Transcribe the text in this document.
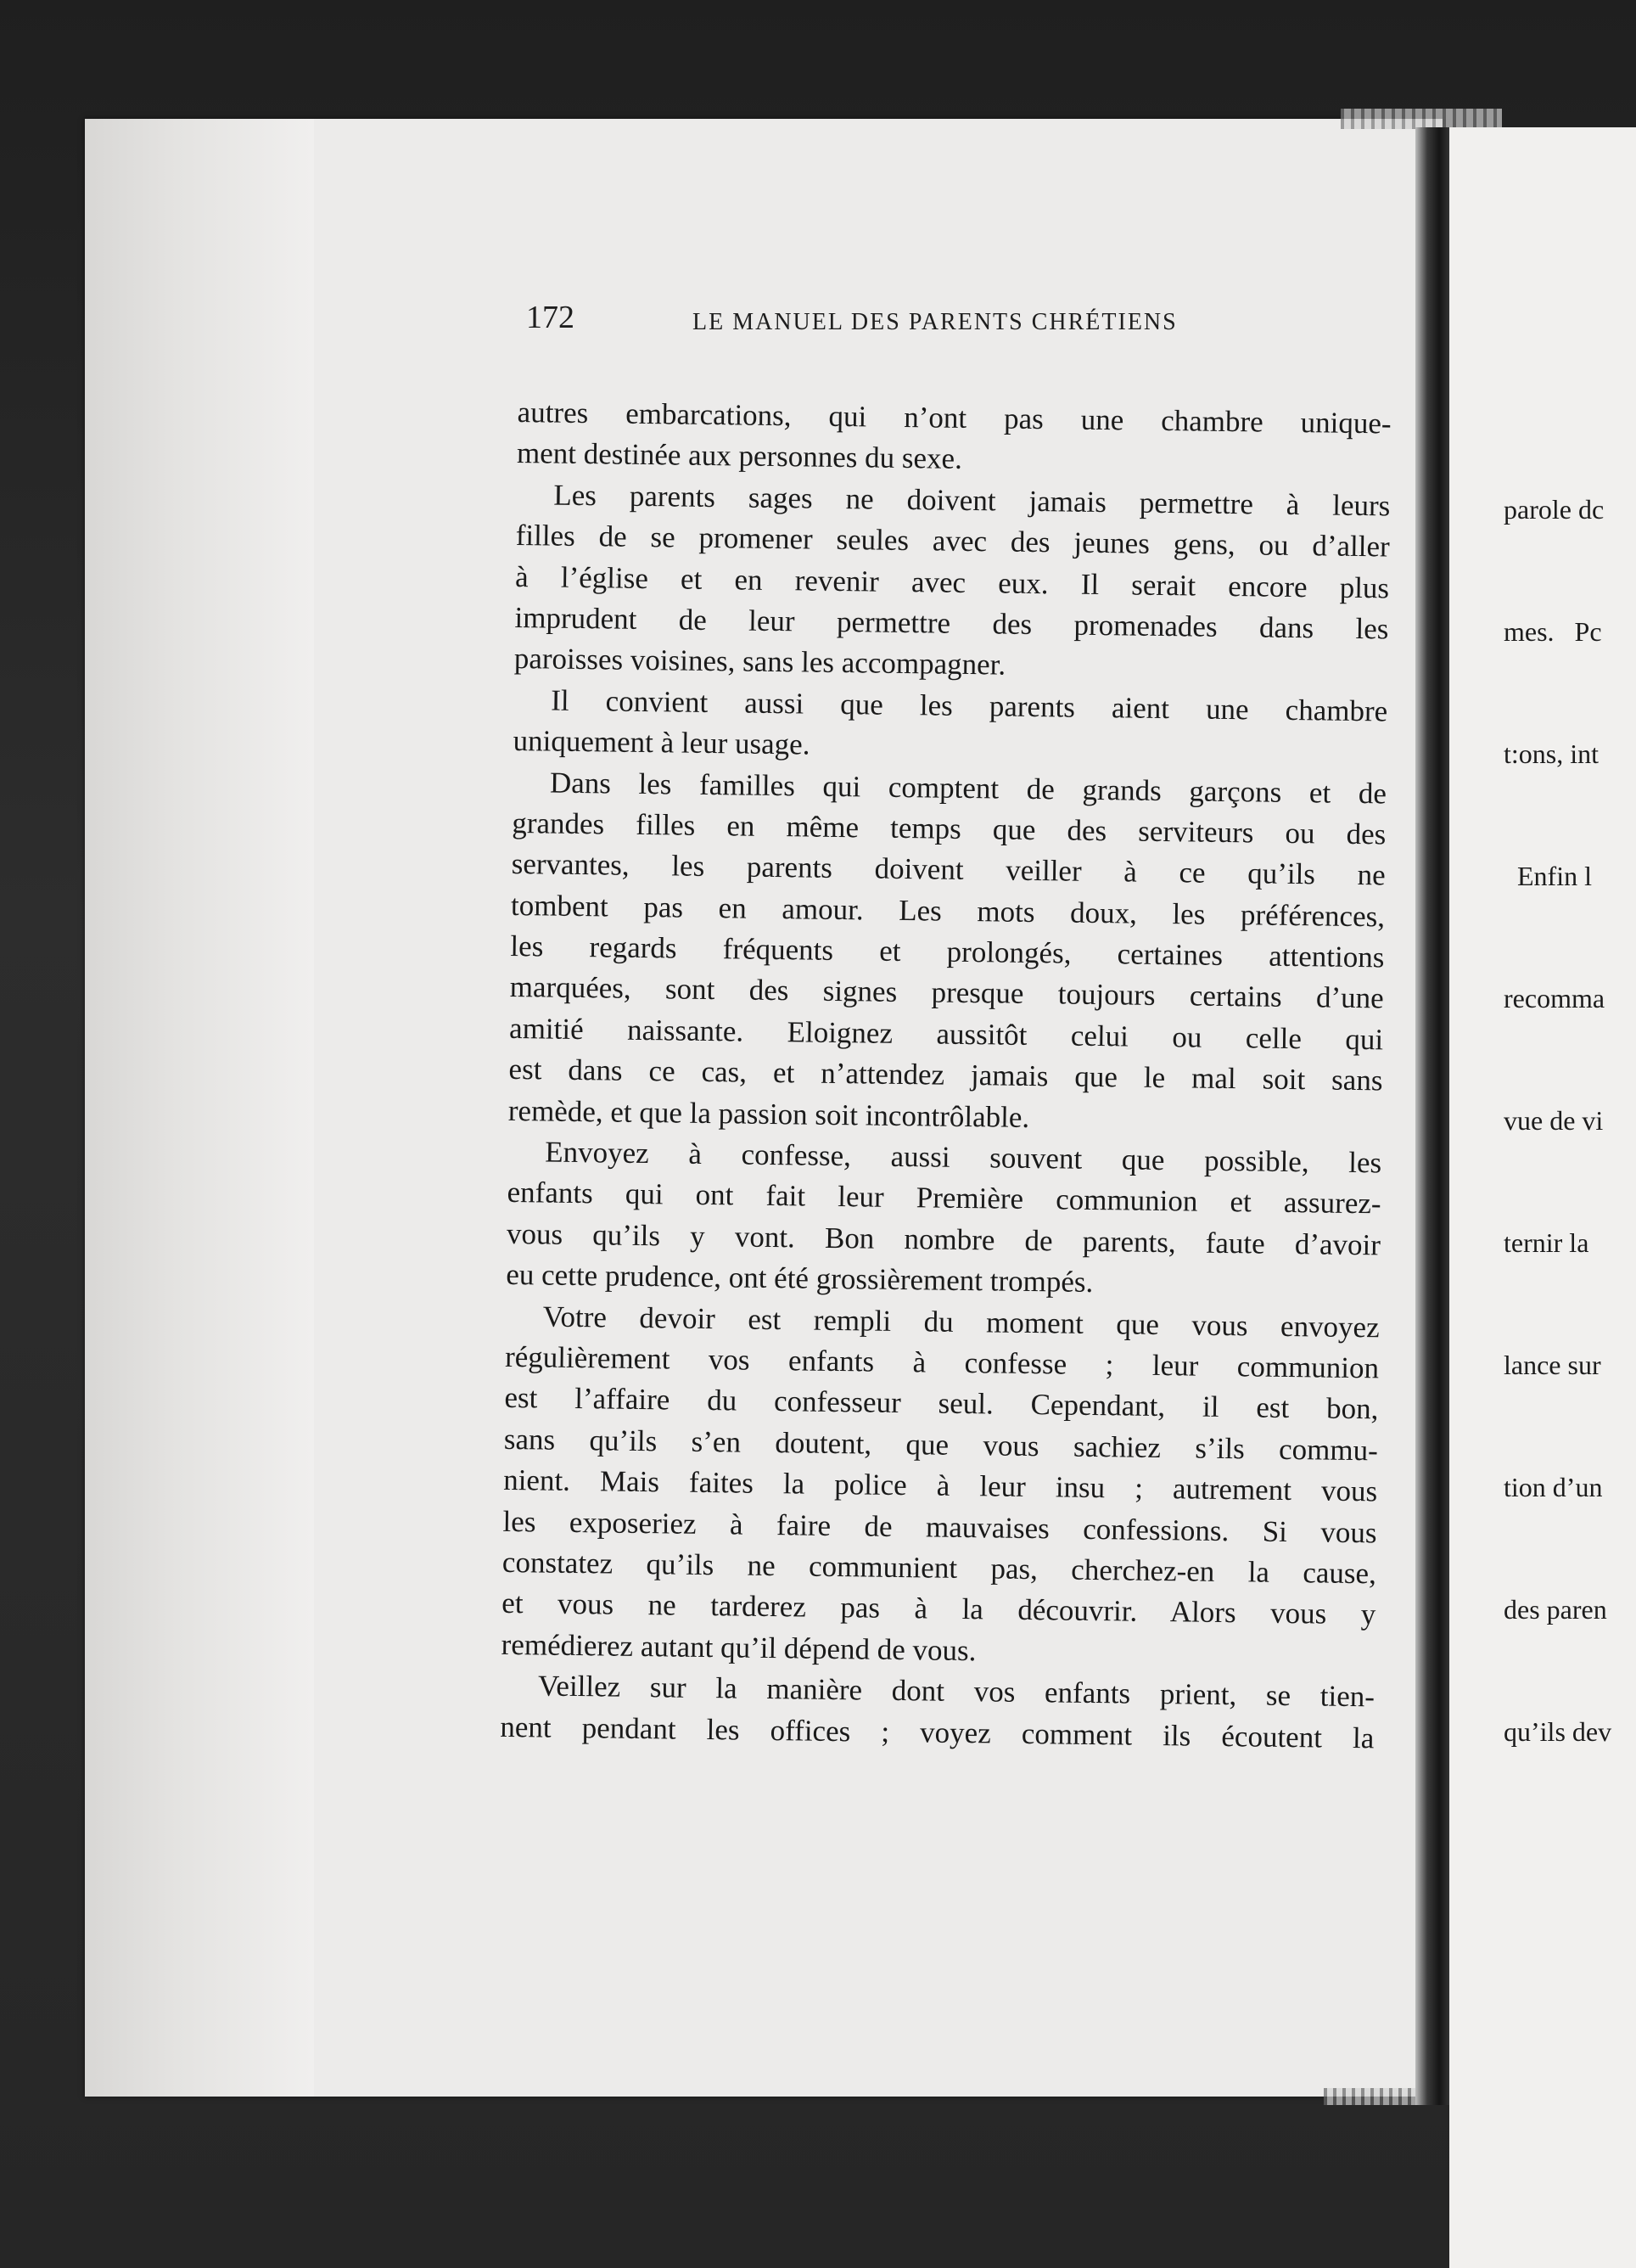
parole dc

mes.   Pc

t:ons, int

Enfin l

recomma

vue de vi

ternir la

lance sur

tion d’un

des paren

qu’ils dev

172	LE MANUEL DES PARENTS CHRÉTIENS
autres embarcations, qui n’ont pas une chambre unique-
ment destinée aux personnes du sexe.
Les parents sages ne doivent jamais permettre à leurs
filles de se promener seules avec des jeunes gens, ou d’aller
à l’église et en revenir avec eux. Il serait encore plus
imprudent de leur permettre des promenades dans les
paroisses voisines, sans les accompagner.
Il convient aussi que les parents aient une chambre
uniquement à leur usage.
Dans les familles qui comptent de grands garçons et de
grandes filles en même temps que des serviteurs ou des
servantes, les parents doivent veiller à ce qu’ils ne
tombent pas en amour. Les mots doux, les préférences,
les regards fréquents et prolongés, certaines attentions
marquées, sont des signes presque toujours certains d’une
amitié naissante. Eloignez aussitôt celui ou celle qui
est dans ce cas, et n’attendez jamais que le mal soit sans
remède, et que la passion soit incontrôlable.
Envoyez à confesse, aussi souvent que possible, les
enfants qui ont fait leur Première communion et assurez-
vous qu’ils y vont. Bon nombre de parents, faute d’avoir
eu cette prudence, ont été grossièrement trompés.
Votre devoir est rempli du moment que vous envoyez
régulièrement vos enfants à confesse ; leur communion
est l’affaire du confesseur seul. Cependant, il est bon,
sans qu’ils s’en doutent, que vous sachiez s’ils commu-
nient. Mais faites la police à leur insu ; autrement vous
les exposeriez à faire de mauvaises confessions. Si vous
constatez qu’ils ne communient pas, cherchez-en la cause,
et vous ne tarderez pas à la découvrir. Alors vous y
remédierez autant qu’il dépend de vous.
Veillez sur la manière dont vos enfants prient, se tien-
nent pendant les offices ; voyez comment ils écoutent la
